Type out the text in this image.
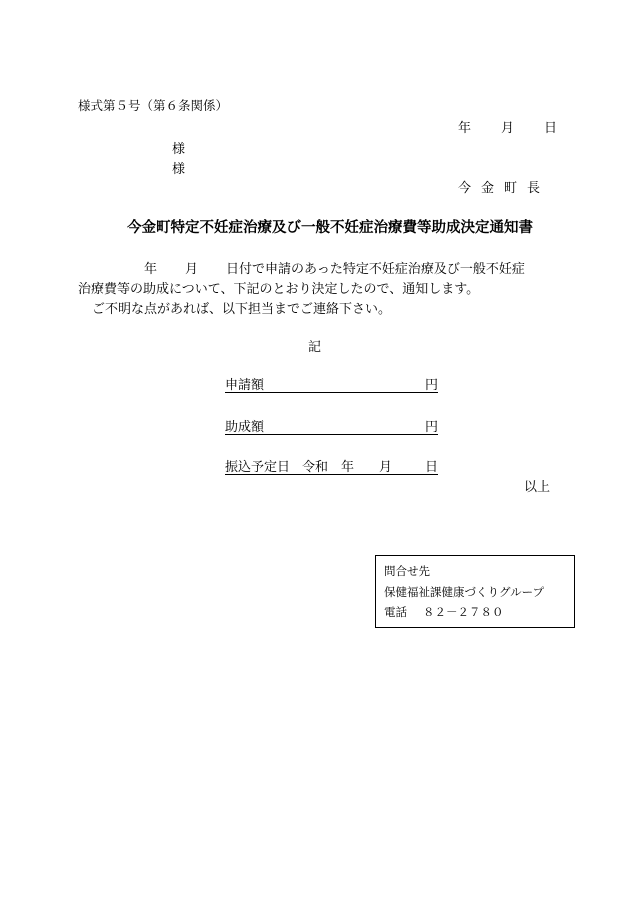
様式第５号（第６条関係）
年 月 日
様
様
今金町長
今金町特定不妊症治療及び一般不妊症治療費等助成決定通知書
年 月 日付で申請のあった特定不妊症治療及び一般不妊症
治療費等の助成について、下記のとおり決定したので、通知します。
ご不明な点があれば、以下担当までご連絡下さい。
記
申請額	円
助成額	円
振込予定日 令和 年 月	日
以上
問合せ先
保健福祉課健康づくりグループ
電話 ８２－２７８０
